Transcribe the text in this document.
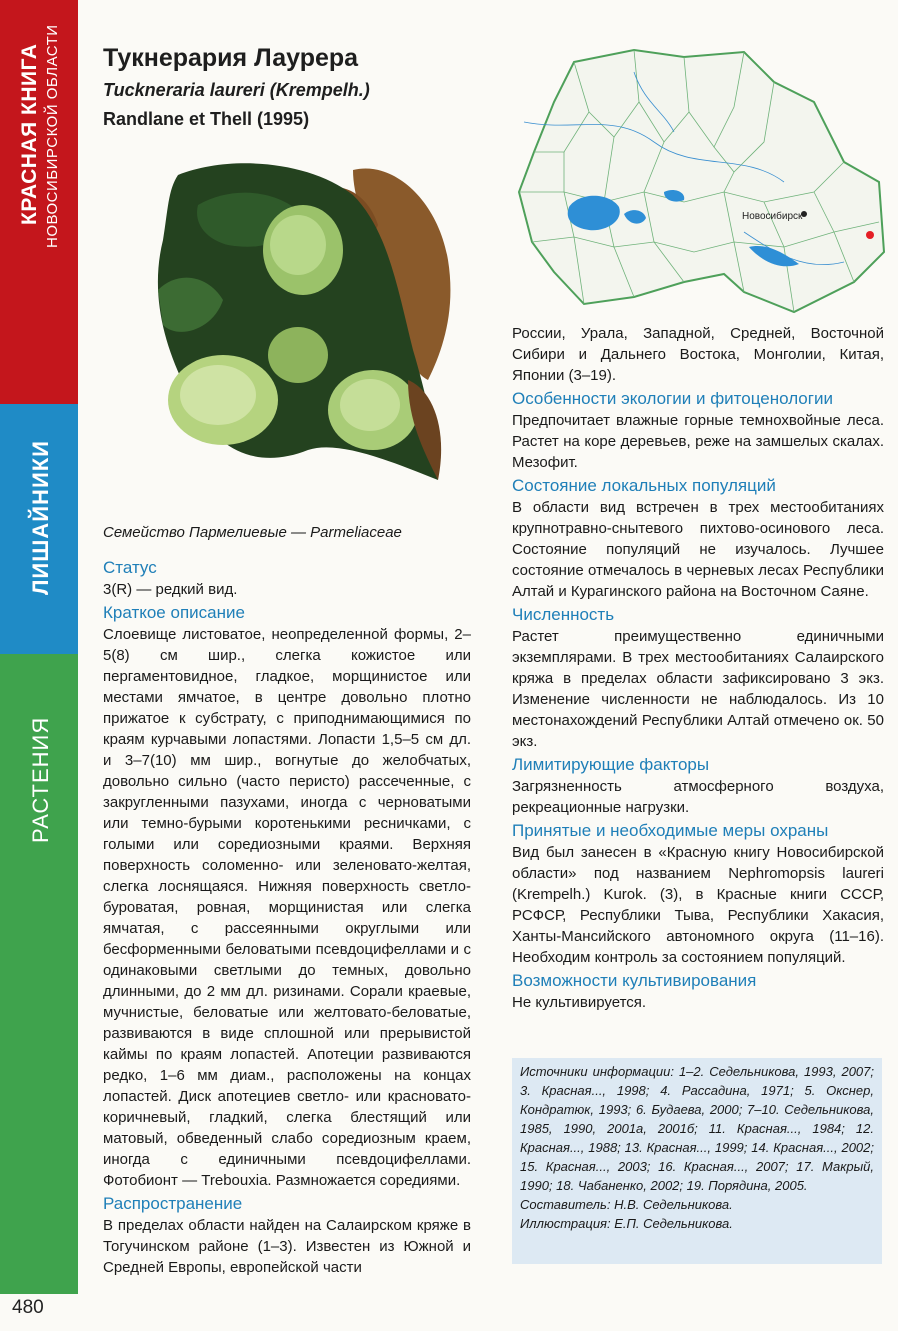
КРАСНАЯ КНИГА НОВОСИБИРСКОЙ ОБЛАСТИ
ЛИШАЙНИКИ
РАСТЕНИЯ
480
Тукнерария Лаурера
Tuckneraria laureri (Krempelh.)
Randlane et Thell (1995)
Семейство Пармелиевые — Parmeliaceae
Новосибирск
Статус

3(R) — редкий вид.

Краткое описание

Слоевище листоватое, неопределенной формы, 2–5(8) см шир., слегка кожистое или пергаментовидное, гладкое, морщинистое или местами ямчатое, в центре довольно плотно прижатое к субстрату, с приподнимающимися по краям курчавыми лопастями. Лопасти 1,5–5 см дл. и 3–7(10) мм шир., вогнутые до желобчатых, довольно сильно (часто перисто) рассеченные, с закругленными пазухами, иногда с черноватыми или темно-бурыми коротенькими ресничками, с голыми или соредиозными краями. Верхняя поверхность соломенно- или зеленовато-желтая, слегка лоснящаяся. Нижняя поверхность светло-буроватая, ровная, морщинистая или слегка ямчатая, с рассеянными округлыми или бесформенными беловатыми псевдоцифеллами и с одинаковыми светлыми до темных, довольно длинными, до 2 мм дл. ризинами. Сорали краевые, мучнистые, беловатые или желтовато-беловатые, развиваются в виде сплошной или прерывистой каймы по краям лопастей. Апотеции развиваются редко, 1–6 мм диам., расположены на концах лопастей. Диск апотециев светло- или красновато-коричневый, гладкий, слегка блестящий или матовый, обведенный слабо соредиозным краем, иногда с единичными псевдоцифеллами. Фотобионт — Trebouxia. Размножается соредиями.

Распространение

В пределах области найден на Салаирском кряже в Тогучинском районе (1–3). Известен из Южной и Средней Европы, европейской части

России, Урала, Западной, Средней, Восточной Сибири и Дальнего Востока, Монголии, Китая, Японии (3–19).

Особенности экологии и фитоценологии

Предпочитает влажные горные темнохвойные леса. Растет на коре деревьев, реже на замшелых скалах. Мезофит.

Состояние локальных популяций

В области вид встречен в трех местообитаниях крупнотравно-снытевого пихтово-осинового леса. Состояние популяций не изучалось. Лучшее состояние отмечалось в черневых лесах Республики Алтай и Курагинского района на Восточном Саяне.

Численность

Растет преимущественно единичными экземплярами. В трех местообитаниях Салаирского кряжа в пределах области зафиксировано 3 экз. Изменение численности не наблюдалось. Из 10 местонахождений Республики Алтай отмечено ок. 50 экз.

Лимитирующие факторы

Загрязненность атмосферного воздуха, рекреационные нагрузки.

Принятые и необходимые меры охраны

Вид был занесен в «Красную книгу Новосибирской области» под названием Nephromopsis laureri (Krempelh.) Kurok. (3), в Красные книги СССР, РСФСР, Республики Тыва, Республики Хакасия, Ханты-Мансийского автономного округа (11–16). Необходим контроль за состоянием популяций.

Возможности культивирования

Не культивируется.

Источники информации: 1–2. Седельникова, 1993, 2007; 3. Красная..., 1998; 4. Рассадина, 1971; 5. Окснер, Кондратюк, 1993; 6. Будаева, 2000; 7–10. Седельникова, 1985, 1990, 2001а, 2001б; 11. Красная..., 1984; 12. Красная..., 1988; 13. Красная..., 1999; 14. Красная..., 2002; 15. Красная..., 2003; 16. Красная..., 2007; 17. Макрый, 1990; 18. Чабаненко, 2002; 19. Порядина, 2005.

Составитель: Н.В. Седельникова.

Иллюстрация: Е.П. Седельникова.
